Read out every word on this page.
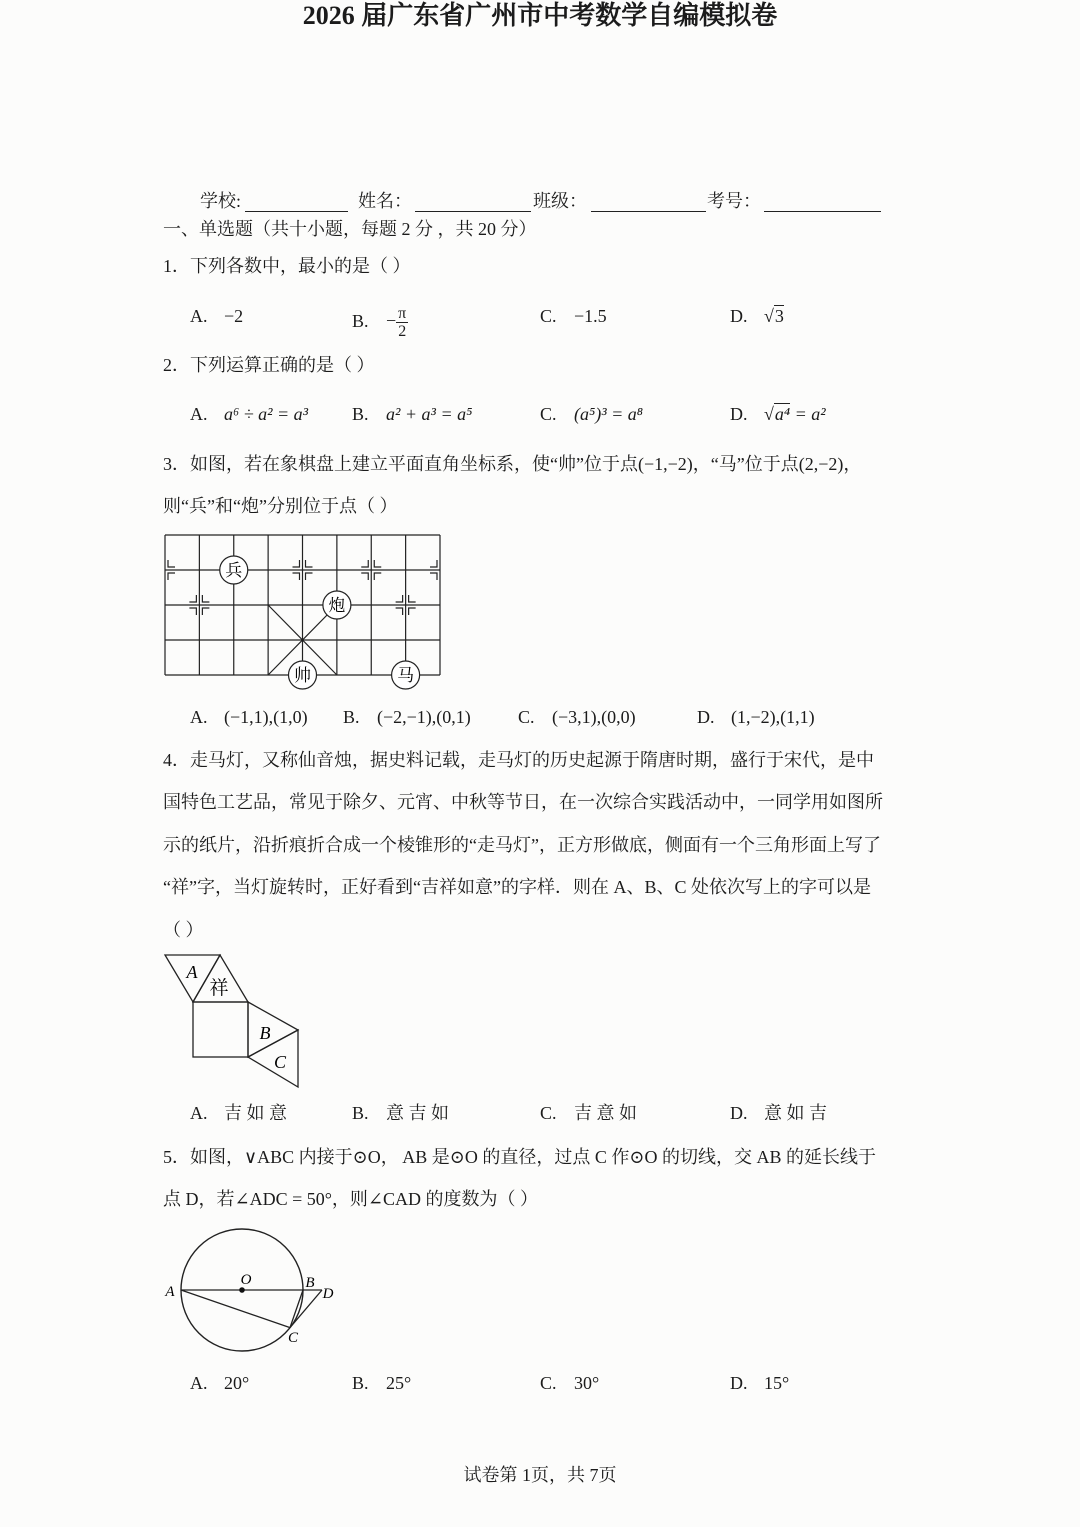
2026 届广东省广州市中考数学自编模拟卷
学校:	姓名：	班级：	考号：
一、单选题（共十小题，每题 2 分 ，共 20 分）
1．下列各数中，最小的是（ ）
A. −2	B. − $\frac{\pi}{2}$	C. −1.5	D. √3
2．下列运算正确的是（ ）
A. a⁶ ÷ a² = a³ B. a² + a³ = a⁵	C. (a⁵)³ = a⁸	D. √a⁴ = a²
3．如图，若在象棋盘上建立平面直角坐标系，使“帅”位于点(−1,−2)，“马”位于点(2,−2)，
则“兵”和“炮”分别位于点（ ）
兵
炮
帅	马
A. (−1,1),(1,0) B. (−2,−1),(0,1)	C. (−3,1),(0,0)	D. (1,−2),(1,1)
4．走马灯，又称仙音烛，据史料记载，走马灯的历史起源于隋唐时期，盛行于宋代，是中
国特色工艺品，常见于除夕、元宵、中秋等节日，在一次综合实践活动中，一同学用如图所
示的纸片，沿折痕折合成一个棱锥形的“走马灯”，正方形做底，侧面有一个三角形面上写了
“祥”字，当灯旋转时，正好看到“吉祥如意”的字样．则在 A、B、C 处依次写上的字可以是
（ ）
A
祥
B
C
A. 吉 如 意	B. 意 吉 如	C. 吉 意 如	D. 意 如 吉
5．如图，∨ABC 内接于⊙O， AB 是⊙O 的直径，过点 C 作⊙O 的切线，交 AB 的延长线于
点 D，若∠ADC = 50°，则∠CAD 的度数为（ ）
A
O	B
D
C
A. 20°	B. 25°	C. 30°	D. 15°
试卷第 1页，共 7页
